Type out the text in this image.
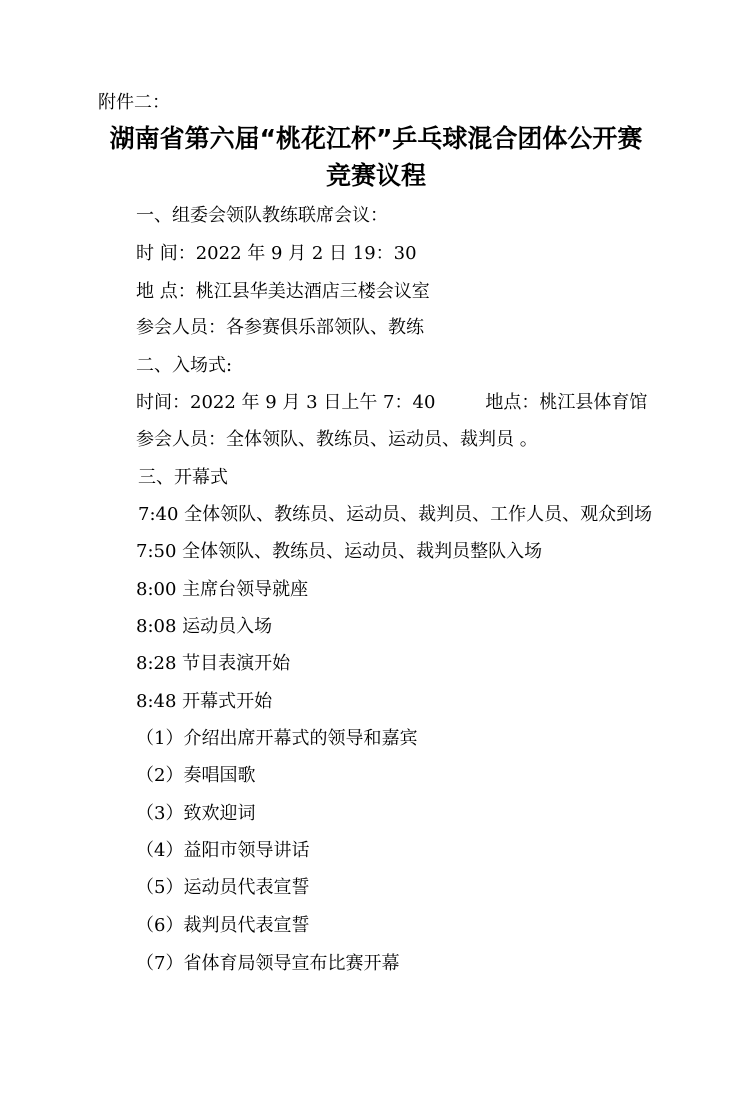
附件二：
湖南省第六届“桃花江杯”乒乓球混合团体公开赛
竞赛议程
一、组委会领队教练联席会议：
时 间：2022 年 9 月 2 日 19：30
地 点：桃江县华美达酒店三楼会议室
参会人员：各参赛俱乐部领队、教练
二、入场式:
时间：2022 年 9 月 3 日上午 7：40	地点：桃江县体育馆
参会人员：全体领队、教练员、运动员、裁判员 。
三、开幕式
7:40 全体领队、教练员、运动员、裁判员、工作人员、观众到场
7:50 全体领队、教练员、运动员、裁判员整队入场
8:00 主席台领导就座
8:08 运动员入场
8:28 节目表演开始
8:48 开幕式开始
（1）介绍出席开幕式的领导和嘉宾
（2）奏唱国歌
（3）致欢迎词
（4）益阳市领导讲话
（5）运动员代表宣誓
（6）裁判员代表宣誓
（7）省体育局领导宣布比赛开幕
